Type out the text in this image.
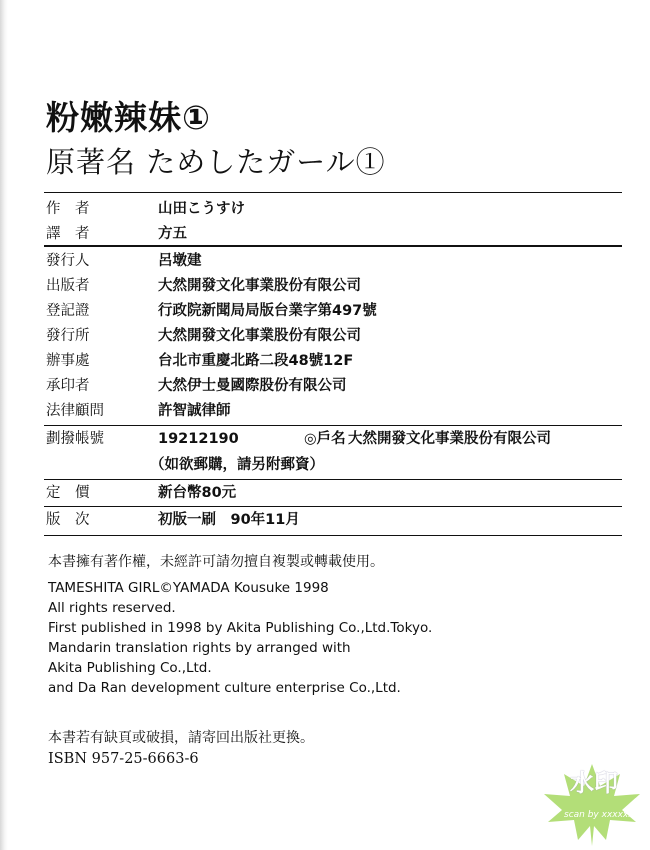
粉嫩辣妹①
原著名 ためしたガール①
作　者	山田こうすけ
譯　者	方五
發行人	呂墩建
出版者	大然開發文化事業股份有限公司
登記證	行政院新聞局局版台業字第497號
發行所	大然開發文化事業股份有限公司
辦事處	台北市重慶北路二段48號12F
承印者	大然伊士曼國際股份有限公司
法律顧問	許智誠律師
劃撥帳號	19212190	◎戶名 大然開發文化事業股份有限公司
（如欲郵購，請另附郵資）
定　價	新台幣80元
版　次	初版一刷　90年11月
本書擁有著作權，未經許可請勿擅自複製或轉載使用。
TAMESHITA GIRL©YAMADA Kousuke 1998
All rights reserved.
First published in 1998 by Akita Publishing Co.,Ltd.Tokyo.
Mandarin translation rights by arranged with
Akita Publishing Co.,Ltd.
and Da Ran development culture enterprise Co.,Ltd.
本書若有缺頁或破損，請寄回出版社更換。
ISBN 957-25-6663-6
水印
scan by xxxxxx
